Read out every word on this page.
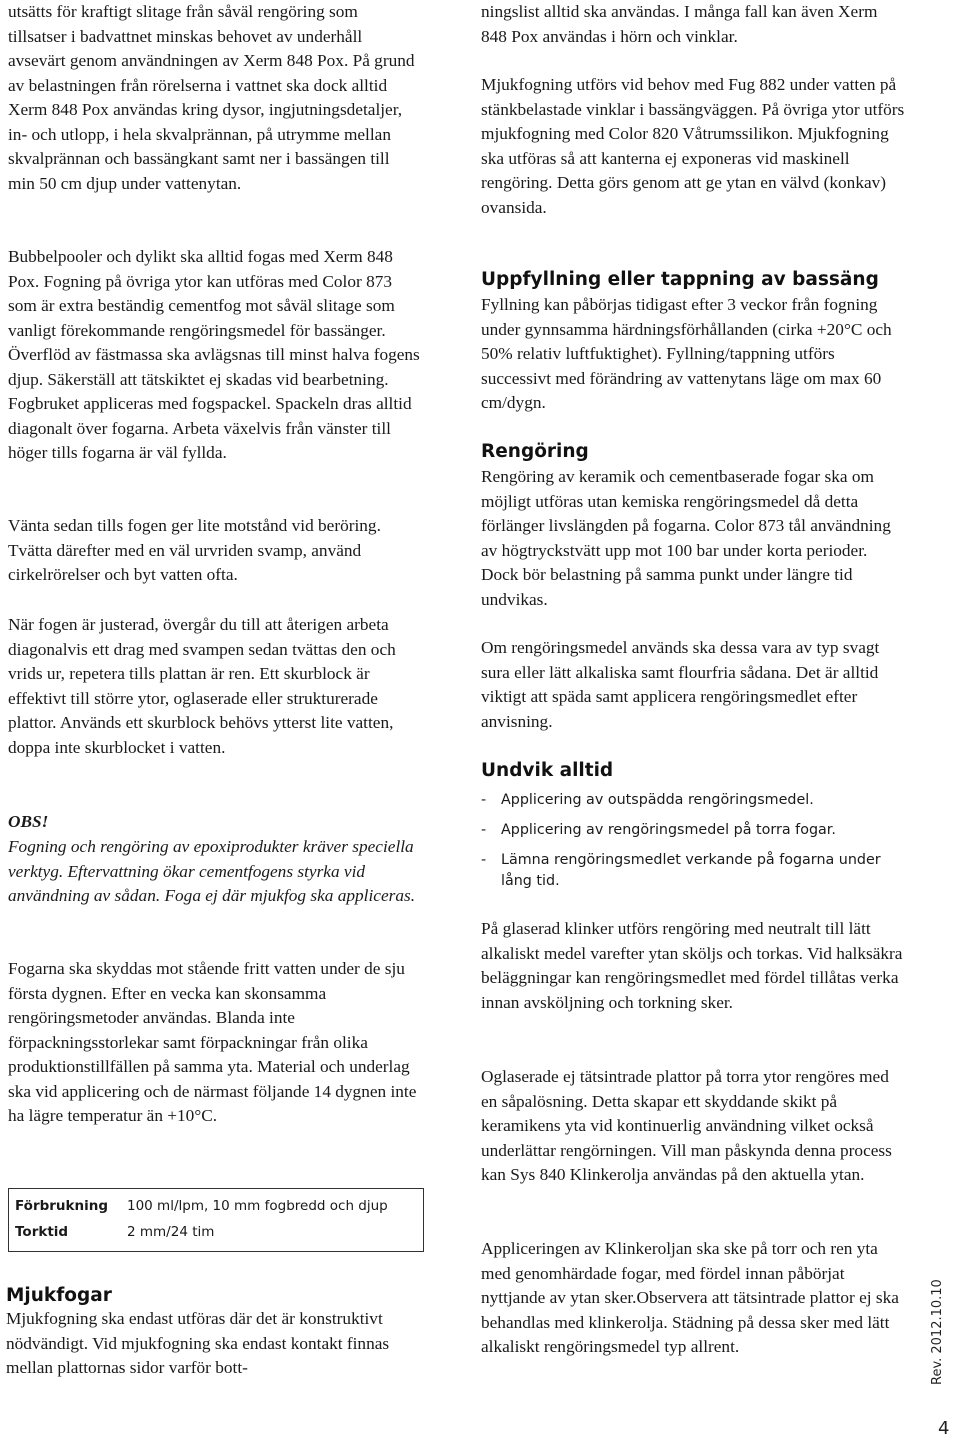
utsätts för kraftigt slitage från såväl rengöring som tillsatser i badvattnet minskas behovet av underhåll avsevärt genom användningen av Xerm 848 Pox. På grund av belastningen från rörelserna i vattnet ska dock alltid Xerm 848 Pox användas kring dysor, ingjutningsdetaljer, in- och utlopp, i hela skvalprännan, på utrymme mellan skvalprännan och bassängkant samt ner i bassängen till min 50 cm djup under vattenytan.

Bubbelpooler och dylikt ska alltid fogas med Xerm 848 Pox. Fogning på övriga ytor kan utföras med Color 873 som är extra beständig cementfog mot såväl slitage som vanligt förekommande rengöringsmedel för bassänger. Överflöd av fästmassa ska avlägsnas till minst halva fogens djup. Säkerställ att tätskiktet ej skadas vid bearbetning. Fogbruket appliceras med fogspackel. Spackeln dras alltid diagonalt över fogarna. Arbeta växelvis från vänster till höger tills fogarna är väl fyllda.

Vänta sedan tills fogen ger lite motstånd vid beröring. Tvätta därefter med en väl urvriden svamp, använd cirkelrörelser och byt vatten ofta.

När fogen är justerad, övergår du till att återigen arbeta diagonalvis ett drag med svampen sedan tvättas den och vrids ur, repetera tills plattan är ren. Ett skurblock är effektivt till större ytor, oglaserade eller strukturerade plattor. Används ett skurblock behövs ytterst lite vatten, doppa inte skurblocket i vatten.

OBS!
Fogning och rengöring av epoxiprodukter kräver speciella verktyg. Eftervattning ökar cementfogens styrka vid användning av sådan. Foga ej där mjukfog ska appliceras.

Fogarna ska skyddas mot stående fritt vatten under de sju första dygnen. Efter en vecka kan skonsamma rengöringsmetoder användas. Blanda inte förpackningsstorlekar samt förpackningar från olika produktionstillfällen på samma yta. Material och underlag ska vid applicering och de närmast följande 14 dygnen inte ha lägre temperatur än +10°C.

Förbrukning 100 ml/lpm, 10 mm fogbredd och djup
Torktid	2 mm/24 tim
Mjukfogar

Mjukfogning ska endast utföras där det är konstruktivt nödvändigt. Vid mjukfogning ska endast kontakt finnas mellan plattornas sidor varför bott-

ningslist alltid ska användas. I många fall kan även Xerm 848 Pox användas i hörn och vinklar.

Mjukfogning utförs vid behov med Fug 882 under vatten på stänkbelastade vinklar i bassängväggen. På övriga ytor utförs mjukfogning med Color 820 Våtrumssilikon. Mjukfogning ska utföras så att kanterna ej exponeras vid maskinell rengöring. Detta görs genom att ge ytan en välvd (konkav) ovansida.

Uppfyllning eller tappning av bassäng

Fyllning kan påbörjas tidigast efter 3 veckor från fogning under gynnsamma härdningsförhållanden (cirka +20°C och 50% relativ luftfuktighet). Fyllning/tappning utförs successivt med förändring av vattenytans läge om max 60 cm/dygn.

Rengöring

Rengöring av keramik och cementbaserade fogar ska om möjligt utföras utan kemiska rengöringsmedel då detta förlänger livslängden på fogarna. Color 873 tål användning av högtryckstvätt upp mot 100 bar under korta perioder. Dock bör belastning på samma punkt under längre tid undvikas.

Om rengöringsmedel används ska dessa vara av typ svagt sura eller lätt alkaliska samt flourfria sådana. Det är alltid viktigt att späda samt applicera rengöringsmedlet efter anvisning.

Undvik alltid
- Applicering av outspädda rengöringsmedel.
- Applicering av rengöringsmedel på torra fogar.
- Lämna rengöringsmedlet verkande på fogarna under lång tid.

På glaserad klinker utförs rengöring med neutralt till lätt alkaliskt medel varefter ytan sköljs och torkas. Vid halksäkra beläggningar kan rengöringsmedlet med fördel tillåtas verka innan avsköljning och torkning sker.

Oglaserade ej tätsintrade plattor på torra ytor rengöres med en såpalösning. Detta skapar ett skyddande skikt på keramikens yta vid kontinuerlig användning vilket också underlättar rengörningen. Vill man påskynda denna process kan Sys 840 Klinkerolja användas på den aktuella ytan.

Appliceringen av Klinkeroljan ska ske på torr och ren yta med genomhärdade fogar, med fördel innan påbörjat nyttjande av ytan sker.Observera att tätsintrade plattor ej ska behandlas med klinkerolja. Städning på dessa sker med lätt alkaliskt rengöringsmedel typ allrent.	Rev. 2012.10.10
4
